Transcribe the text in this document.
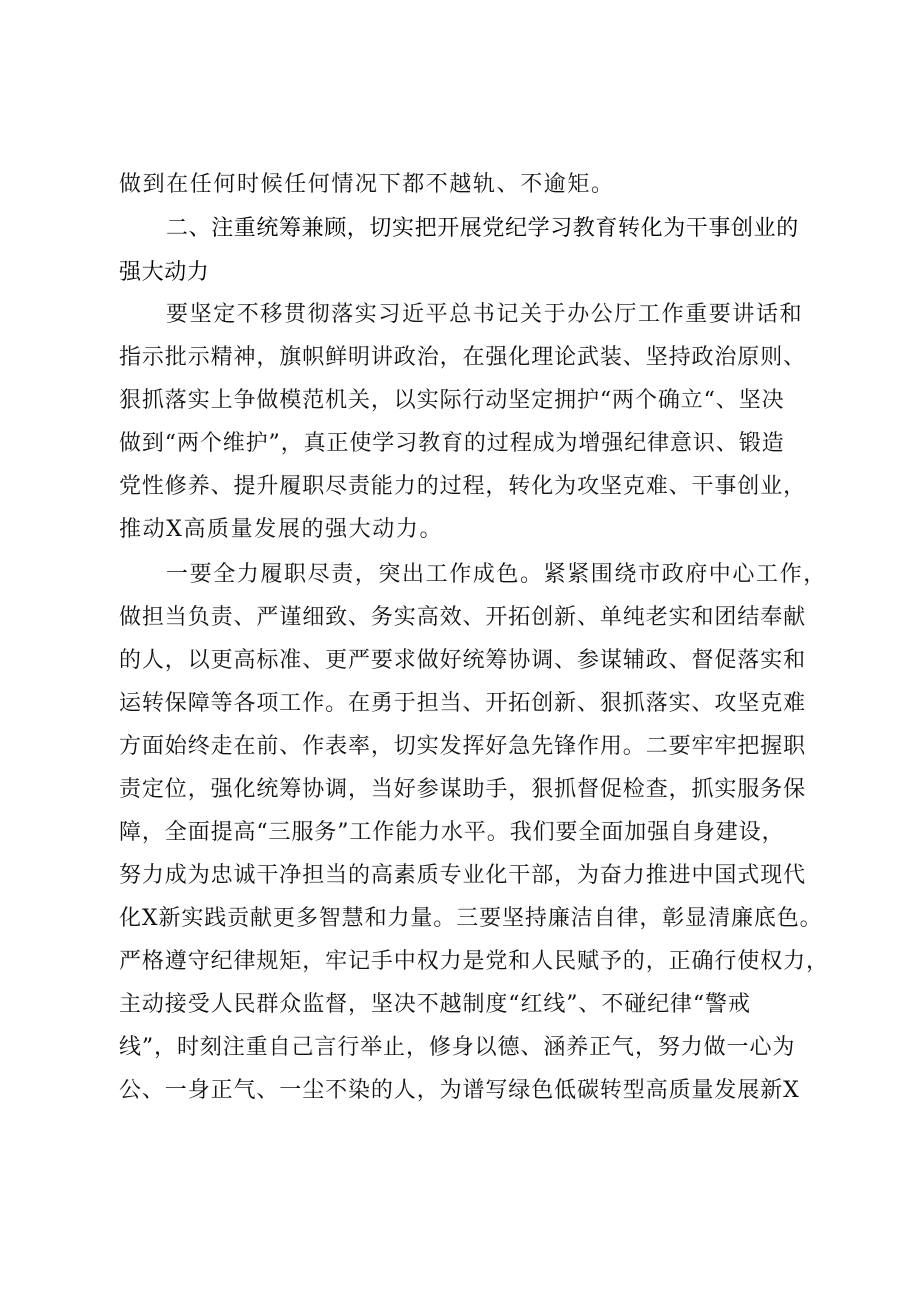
做到在任何时候任何情况下都不越轨、不逾矩。
二、注重统筹兼顾，切实把开展党纪学习教育转化为干事创业的
强大动力
要坚定不移贯彻落实习近平总书记关于办公厅工作重要讲话和
指示批示精神，旗帜鲜明讲政治，在强化理论武装、坚持政治原则、
狠抓落实上争做模范机关，以实际行动坚定拥护“两个确立“、坚决
做到“两个维护”，真正使学习教育的过程成为增强纪律意识、锻造
党性修养、提升履职尽责能力的过程，转化为攻坚克难、干事创业，
推动X高质量发展的强大动力。
一要全力履职尽责，突出工作成色。紧紧围绕市政府中心工作，
做担当负责、严谨细致、务实高效、开拓创新、单纯老实和团结奉献
的人，以更高标准、更严要求做好统筹协调、参谋辅政、督促落实和
运转保障等各项工作。在勇于担当、开拓创新、狠抓落实、攻坚克难
方面始终走在前、作表率，切实发挥好急先锋作用。二要牢牢把握职
责定位，强化统筹协调，当好参谋助手，狠抓督促检查，抓实服务保
障，全面提高“三服务”工作能力水平。我们要全面加强自身建设，
努力成为忠诚干净担当的高素质专业化干部，为奋力推进中国式现代
化X新实践贡献更多智慧和力量。三要坚持廉洁自律，彰显清廉底色。
严格遵守纪律规矩，牢记手中权力是党和人民赋予的，正确行使权力，
主动接受人民群众监督，坚决不越制度“红线”、不碰纪律“警戒
线”，时刻注重自己言行举止，修身以德、涵养正气，努力做一心为
公、一身正气、一尘不染的人，为谱写绿色低碳转型高质量发展新X
